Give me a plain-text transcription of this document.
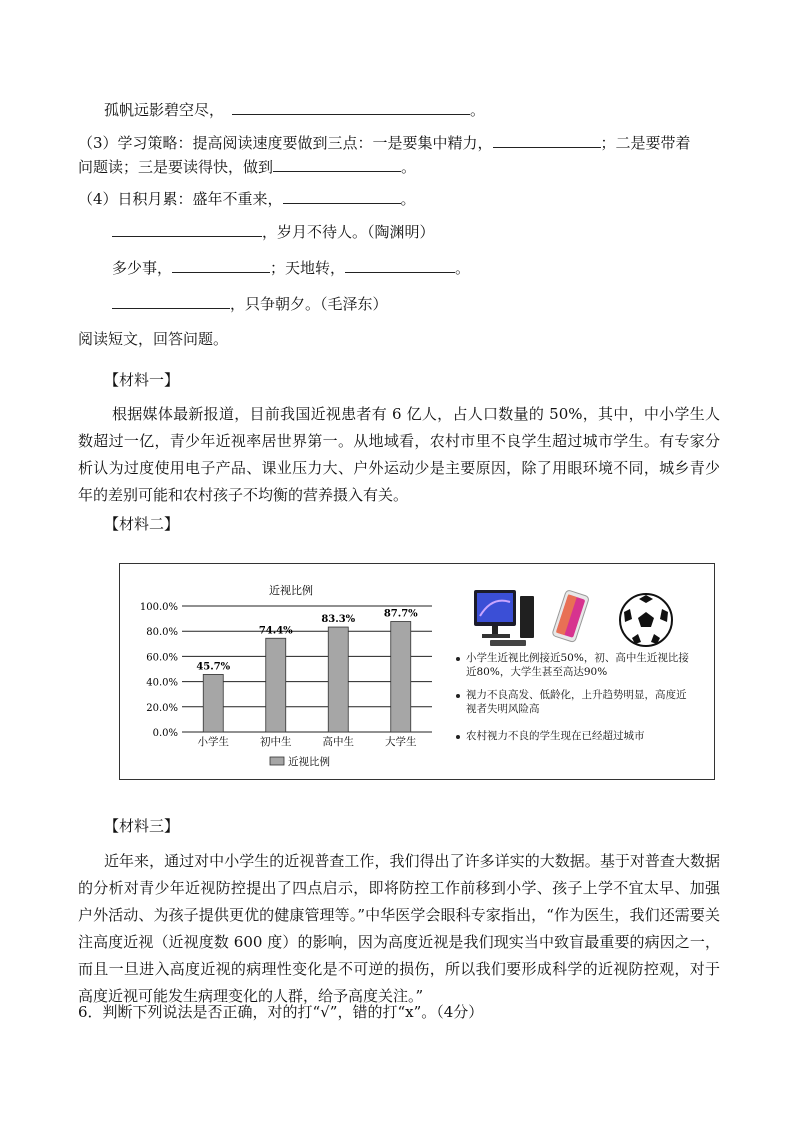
孤帆远影碧空尽，	。
（3）学习策略：提高阅读速度要做到三点：一是要集中精力，	；二是要带着
问题读；三是要读得快，做到	。
（4）日积月累：盛年不重来，	。
，岁月不待人。（陶渊明）
多少事，	；天地转，	。
，只争朝夕。（毛泽东）
阅读短文，回答问题。
【材料一】
根据媒体最新报道，目前我国近视患者有 6 亿人，占人口数量的 50%，其中，中小学生人数超过一亿，青少年近视率居世界第一。从地域看，农村市里不良学生超过城市学生。有专家分析认为过度使用电子产品、课业压力大、户外运动少是主要原因，除了用眼环境不同，城乡青少年的差别可能和农村孩子不均衡的营养摄入有关。
【材料二】
近视比例
0.0%
20.0%
40.0%
60.0%
80.0%
100.0%
45.7%
小学生
74.4%
初中生
83.3%
高中生
87.7%
大学生
近视比例
小学生近视比例接近50%，初、高中生近视比接近80%，大学生甚至高达90%
视力不良高发、低龄化，上升趋势明显，高度近视者失明风险高
农村视力不良的学生现在已经超过城市
【材料三】
近年来，通过对中小学生的近视普查工作，我们得出了许多详实的大数据。基于对普查大数据的分析对青少年近视防控提出了四点启示，即将防控工作前移到小学、孩子上学不宜太早、加强户外活动、为孩子提供更优的健康管理等。”中华医学会眼科专家指出，“作为医生，我们还需要关注高度近视（近视度数 600 度）的影响，因为高度近视是我们现实当中致盲最重要的病因之一，而且一旦进入高度近视的病理性变化是不可逆的损伤，所以我们要形成科学的近视防控观，对于高度近视可能发生病理变化的人群，给予高度关注。”
6．判断下列说法是否正确，对的打“√”，错的打“x”。（4分）
